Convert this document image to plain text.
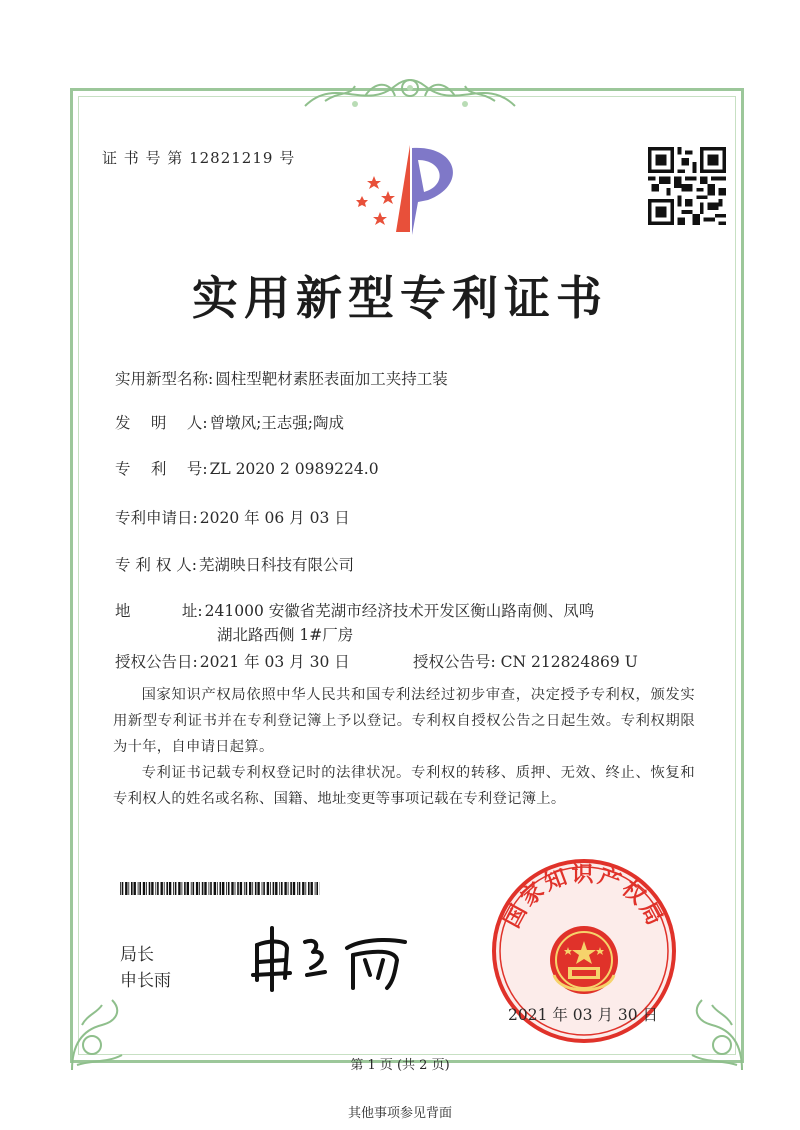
证 书 号 第 12821219 号
实用新型专利证书
实用新型名称: 圆柱型靶材素胚表面加工夹持工装
发　 明　 人: 曾墩风;王志强;陶成
专　 利　 号: ZL 2020 2 0989224.0
专利申请日: 2020 年 06 月 03 日
专 利 权 人: 芜湖映日科技有限公司
地　　　 址: 241000 安徽省芜湖市经济技术开发区衡山路南侧、凤鸣
湖北路西侧 1#厂房
授权公告日: 2021 年 03 月 30 日	授权公告号: CN 212824869 U
国家知识产权局依照中华人民共和国专利法经过初步审查，决定授予专利权，颁发实用新型专利证书并在专利登记簿上予以登记。专利权自授权公告之日起生效。专利权期限为十年，自申请日起算。
专利证书记载专利权登记时的法律状况。专利权的转移、质押、无效、终止、恢复和专利权人的姓名或名称、国籍、地址变更等事项记载在专利登记簿上。
局长
申长雨
国家知识产权局
2021 年 03 月 30 日
第 1 页 (共 2 页)
其他事项参见背面
